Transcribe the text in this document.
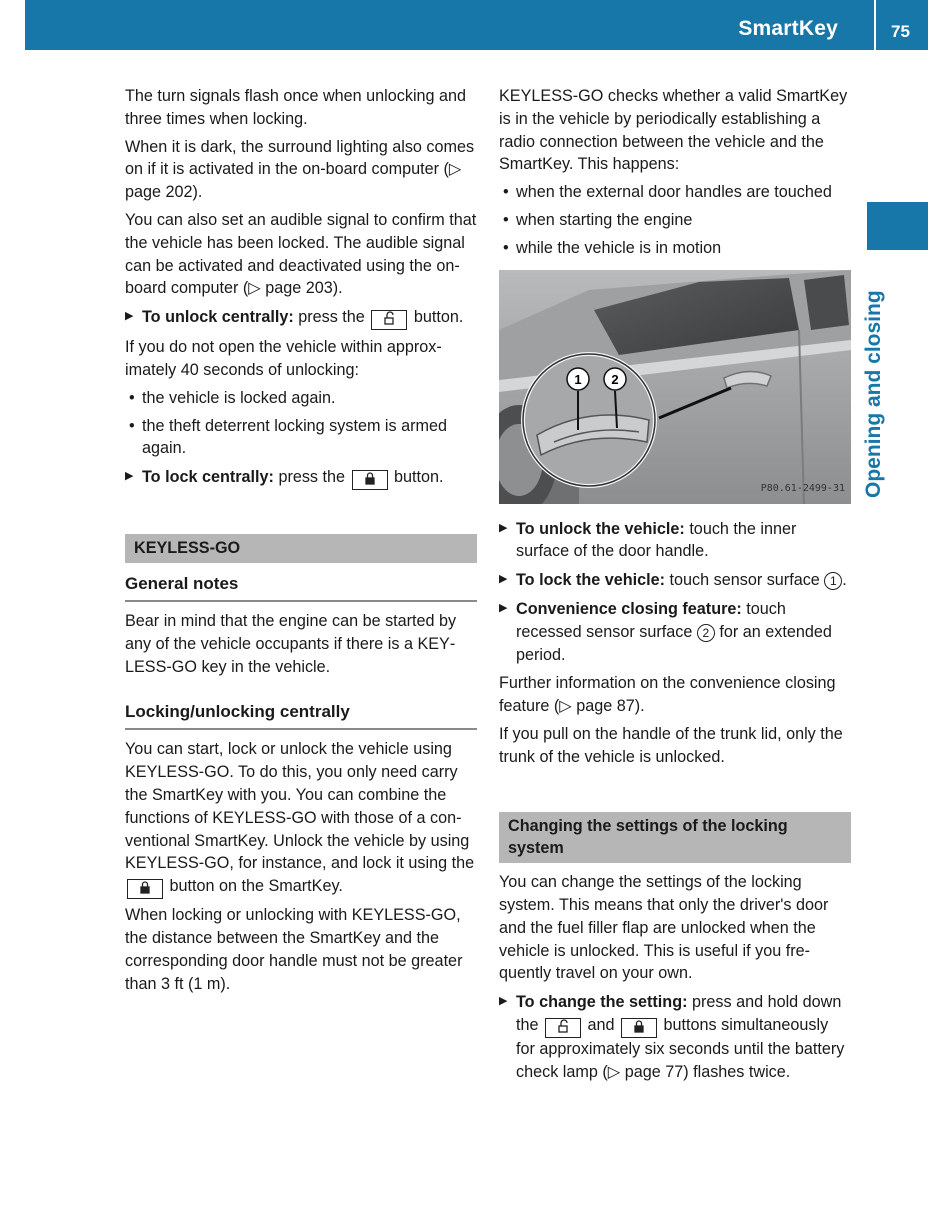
SmartKey	75
Opening and closing

The turn signals flash once when unlocking and three times when locking.

When it is dark, the surround lighting also comes on if it is activated in the on-board computer (▷ page 202).

You can also set an audible signal to confirm that the vehicle has been locked. The audible signal can be activated and deactivated using the on-board computer (▷ page 203).

▶ To unlock centrally: press the	button.

If you do not open the vehicle within approximately 40 seconds of unlocking:

• the vehicle is locked again.
• the theft deterrent locking system is armed again.
▶ To lock centrally: press the	button.
KEYLESS-GO
General notes

Bear in mind that the engine can be started by any of the vehicle occupants if there is a KEYLESS-GO key in the vehicle.

Locking/unlocking centrally

You can start, lock or unlock the vehicle using KEYLESS-GO. To do this, you only need carry the SmartKey with you. You can combine the functions of KEYLESS-GO with those of a conventional SmartKey. Unlock the vehicle by using KEYLESS-GO, for instance, and lock it using the  button on the SmartKey.

When locking or unlocking with KEYLESS-GO, the distance between the SmartKey and the corresponding door handle must not be greater than 3 ft (1 m).

KEYLESS-GO checks whether a valid SmartKey is in the vehicle by periodically establishing a radio connection between the vehicle and the SmartKey. This happens:

• when the external door handles are touched
• when starting the engine
• while the vehicle is in motion
1 2
P80.61-2499-31
▶ To unlock the vehicle: touch the inner surface of the door handle.
▶ To lock the vehicle: touch sensor surface 1 .
▶ Convenience closing feature: touch recessed sensor surface 2 for an extended period.

Further information on the convenience closing feature (▷ page 87).

If you pull on the handle of the trunk lid, only the trunk of the vehicle is unlocked.

Changing the settings of the locking system

You can change the settings of the locking system. This means that only the driver's door and the fuel filler flap are unlocked when the vehicle is unlocked. This is useful if you frequently travel on your own.

▶ To change the setting: press and hold down the	and	buttons simultaneously for approximately six seconds until the battery check lamp (▷ page 77) flashes twice.
